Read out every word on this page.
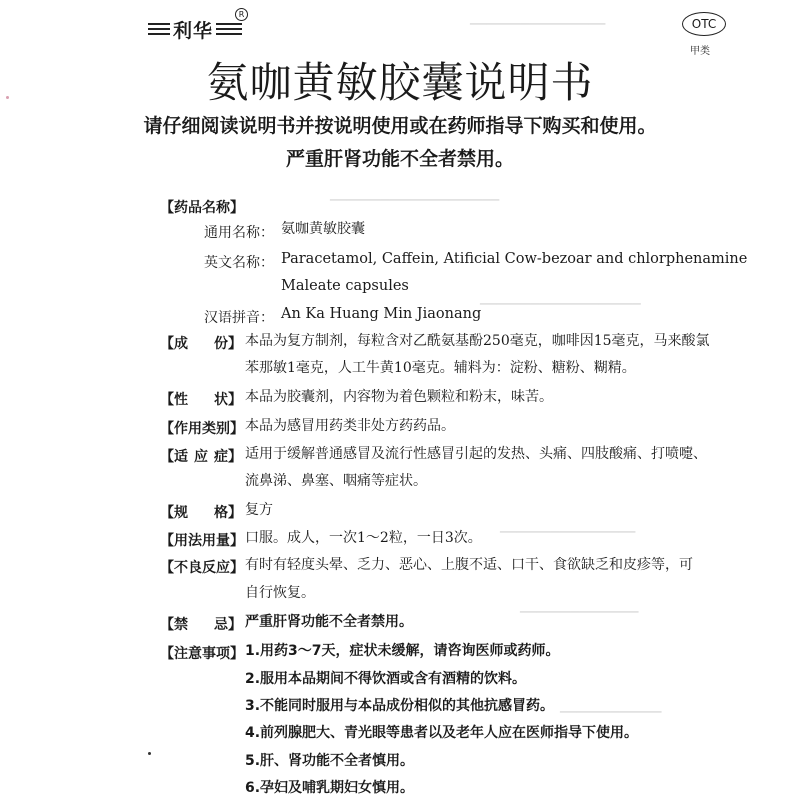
▁▁▁▁▁▁▁▁▁▁▁▁▁▁▁▁
▁▁▁▁▁▁▁▁▁▁▁▁▁▁▁▁▁▁▁▁
▁▁▁▁▁▁▁▁▁▁▁▁▁▁▁▁▁▁▁
▁▁▁▁▁▁▁▁▁▁▁▁▁▁▁▁
▁▁▁▁▁▁▁▁▁▁▁▁▁▁
▁▁▁▁▁▁▁▁▁▁▁▁
利华
R
OTC
甲类
氨咖黄敏胶囊说明书
请仔细阅读说明书并按说明使用或在药师指导下购买和使用。
严重肝肾功能不全者禁用。
【药品名称】
通用名称： 氨咖黄敏胶囊
英文名称： Paracetamol, Caffein, Atificial Cow-bezoar and chlorphenamine
Maleate capsules
汉语拼音： An Ka Huang Min Jiaonang
【成 份】 本品为复方制剂，每粒含对乙酰氨基酚250毫克，咖啡因15毫克，马来酸氯
苯那敏1毫克，人工牛黄10毫克。辅料为：淀粉、糖粉、糊精。
【性 状】 本品为胶囊剂，内容物为着色颗粒和粉末，味苦。
【作用类别】 本品为感冒用药类非处方药药品。
【适 应 症】 适用于缓解普通感冒及流行性感冒引起的发热、头痛、四肢酸痛、打喷嚏、
流鼻涕、鼻塞、咽痛等症状。
【规 格】 复方
【用法用量】 口服。成人，一次1～2粒，一日3次。
【不良反应】 有时有轻度头晕、乏力、恶心、上腹不适、口干、食欲缺乏和皮疹等，可
自行恢复。
【禁 忌】 严重肝肾功能不全者禁用。
【注意事项】 1.用药3～7天，症状未缓解，请咨询医师或药师。
2.服用本品期间不得饮酒或含有酒精的饮料。
3.不能同时服用与本品成份相似的其他抗感冒药。
4.前列腺肥大、青光眼等患者以及老年人应在医师指导下使用。
5.肝、肾功能不全者慎用。
6.孕妇及哺乳期妇女慎用。
